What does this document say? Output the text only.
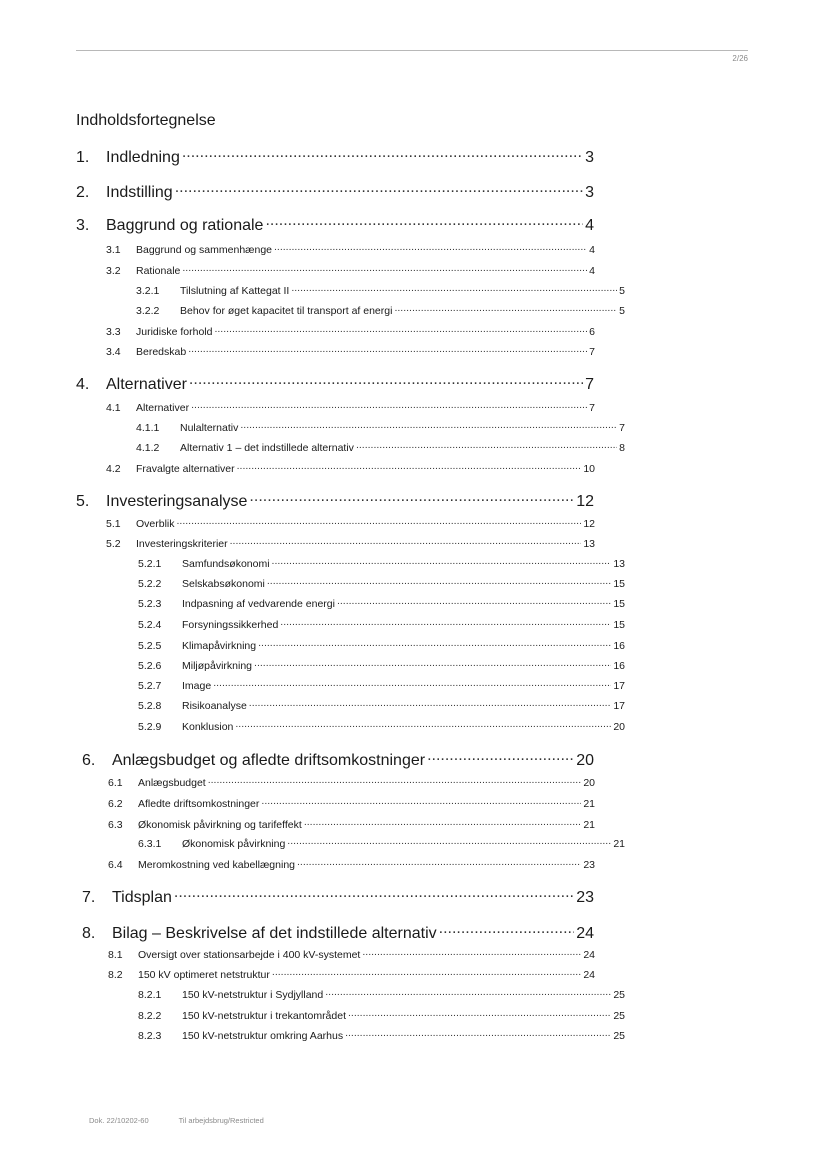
2/26
Indholdsfortegnelse
1.	Indledning .....	3
2.	Indstilling .....	3
3.	Baggrund og rationale .....	4
3.1	Baggrund og sammenhænge .....	4
3.2	Rationale .....	4
3.2.1	Tilslutning af Kattegat II .....	5
3.2.2	Behov for øget kapacitet til transport af energi .....	5
3.3	Juridiske forhold .....	6
3.4	Beredskab .....	7
4.	Alternativer .....	7
4.1	Alternativer .....	7
4.1.1	Nulalternativ .....	7
4.1.2	Alternativ 1 – det indstillede alternativ .....	8
4.2	Fravalgte alternativer .....	10
5.	Investeringsanalyse .....	12
5.1	Overblik .....	12
5.2	Investeringskriterier .....	13
5.2.1	Samfundsøkonomi .....	13
5.2.2	Selskabsøkonomi .....	15
5.2.3	Indpasning af vedvarende energi .....	15
5.2.4	Forsyningssikkerhed .....	15
5.2.5	Klimapåvirkning .....	16
5.2.6	Miljøpåvirkning .....	16
5.2.7	Image .....	17
5.2.8	Risikoanalyse .....	17
5.2.9	Konklusion .....	20
6.	Anlægsbudget og afledte driftsomkostninger .....	20
6.1	Anlægsbudget .....	20
6.2	Afledte driftsomkostninger .....	21
6.3	Økonomisk påvirkning og tarifeffekt .....	21
6.3.1	Økonomisk påvirkning .....	21
6.4	Meromkostning ved kabellægning .....	23
7.	Tidsplan .....	23
8.	Bilag – Beskrivelse af det indstillede alternativ .....	24
8.1	Oversigt over stationsarbejde i 400 kV-systemet .....	24
8.2	150 kV optimeret netstruktur .....	24
8.2.1	150 kV-netstruktur i Sydjylland .....	25
8.2.2	150 kV-netstruktur i trekantområdet .....	25
8.2.3	150 kV-netstruktur omkring Aarhus .....	25
Dok. 22/10202-60	Til arbejdsbrug/Restricted
